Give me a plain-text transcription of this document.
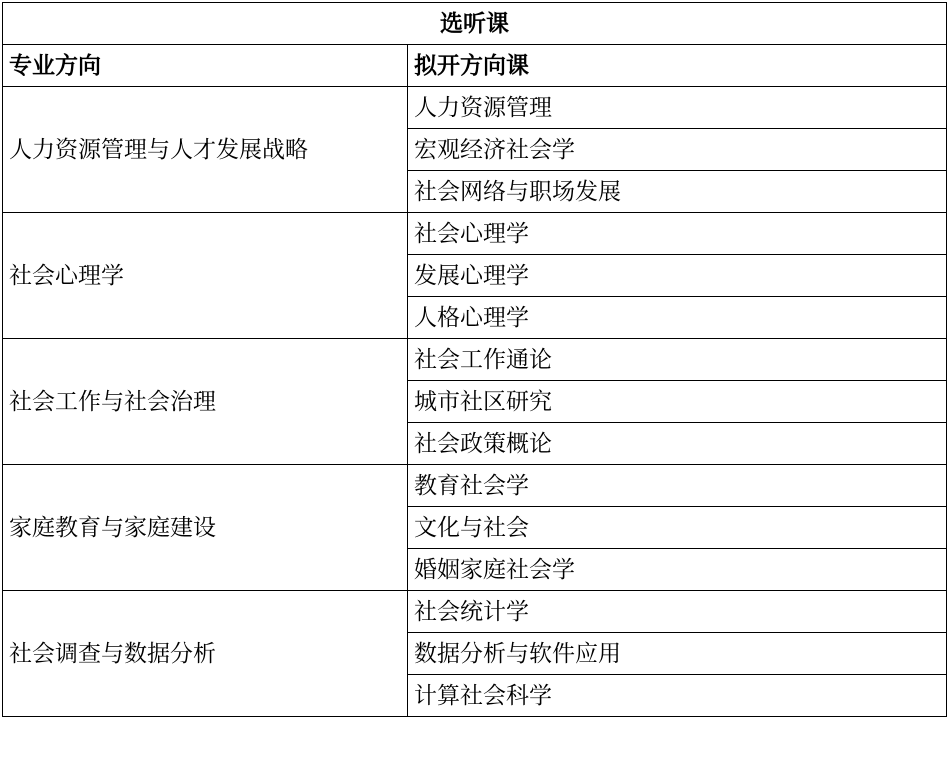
选听课	
专业方向	拟开方向课
人力资源管理与人才发展战略	人力资源管理
	宏观经济社会学
	社会网络与职场发展
社会心理学	社会心理学
	发展心理学
	人格心理学
社会工作与社会治理	社会工作通论
	城市社区研究
	社会政策概论
家庭教育与家庭建设	教育社会学
	文化与社会
	婚姻家庭社会学
社会调查与数据分析	社会统计学
	数据分析与软件应用
	计算社会科学
